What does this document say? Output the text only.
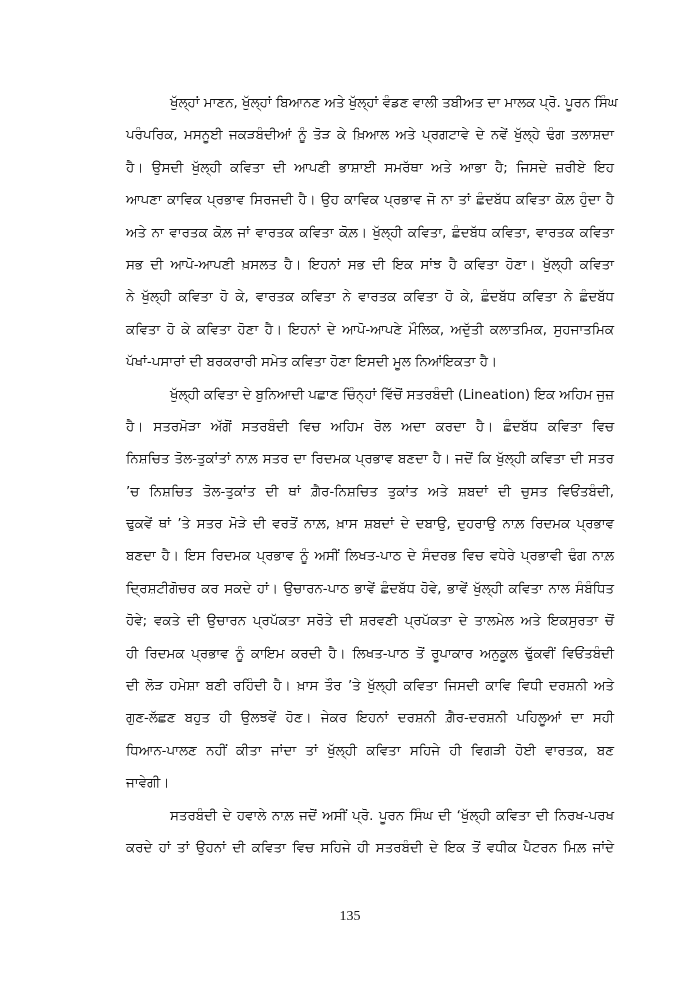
ਖੁੱਲ੍ਹਾਂ ਮਾਣਨ, ਖੁੱਲ੍ਹਾਂ ਬਿਆਨਣ ਅਤੇ ਖੁੱਲ੍ਹਾਂ ਵੰਡਣ ਵਾਲੀ ਤਬੀਅਤ ਦਾ ਮਾਲਕ ਪ੍ਰੋ. ਪੂਰਨ ਸਿੰਘ
ਪਰੰਪਰਿਕ, ਮਸਨੂਈ ਜਕੜਬੰਦੀਆਂ ਨੂੰ ਤੋੜ ਕੇ ਖ਼ਿਆਲ ਅਤੇ ਪ੍ਰਗਟਾਵੇ ਦੇ ਨਵੇਂ ਖੁੱਲ੍ਹੇ ਢੰਗ ਤਲਾਸ਼ਦਾ
ਹੈ। ਉਸਦੀ ਖੁੱਲ੍ਹੀ ਕਵਿਤਾ ਦੀ ਆਪਣੀ ਭਾਸ਼ਾਈ ਸਮਰੱਥਾ ਅਤੇ ਆਭਾ ਹੈ; ਜਿਸਦੇ ਜ਼ਰੀਏ ਇਹ
ਆਪਣਾ ਕਾਵਿਕ ਪ੍ਰਭਾਵ ਸਿਰਜਦੀ ਹੈ। ਉਹ ਕਾਵਿਕ ਪ੍ਰਭਾਵ ਜੋ ਨਾ ਤਾਂ ਛੰਦਬੱਧ ਕਵਿਤਾ ਕੋਲ਼ ਹੁੰਦਾ ਹੈ
ਅਤੇ ਨਾ ਵਾਰਤਕ ਕੋਲ਼ ਜਾਂ ਵਾਰਤਕ ਕਵਿਤਾ ਕੋਲ਼। ਖੁੱਲ੍ਹੀ ਕਵਿਤਾ, ਛੰਦਬੱਧ ਕਵਿਤਾ, ਵਾਰਤਕ ਕਵਿਤਾ
ਸਭ ਦੀ ਆਪੋ-ਆਪਣੀ ਖ਼ਸਲਤ ਹੈ। ਇਹਨਾਂ ਸਭ ਦੀ ਇਕ ਸਾਂਝ ਹੈ ਕਵਿਤਾ ਹੋਣਾ। ਖੁੱਲ੍ਹੀ ਕਵਿਤਾ
ਨੇ ਖੁੱਲ੍ਹੀ ਕਵਿਤਾ ਹੋ ਕੇ, ਵਾਰਤਕ ਕਵਿਤਾ ਨੇ ਵਾਰਤਕ ਕਵਿਤਾ ਹੋ ਕੇ, ਛੰਦਬੱਧ ਕਵਿਤਾ ਨੇ ਛੰਦਬੱਧ
ਕਵਿਤਾ ਹੋ ਕੇ ਕਵਿਤਾ ਹੋਣਾ ਹੈ। ਇਹਨਾਂ ਦੇ ਆਪੋ-ਆਪਣੇ ਮੌਲਿਕ, ਅਦੁੱਤੀ ਕਲਾਤਮਿਕ, ਸੁਹਜਾਤਮਿਕ
ਪੱਖਾਂ-ਪਸਾਰਾਂ ਦੀ ਬਰਕਰਾਰੀ ਸਮੇਤ ਕਵਿਤਾ ਹੋਣਾ ਇਸਦੀ ਮੂਲ ਨਿਆਂਇਕਤਾ ਹੈ।
ਖੁੱਲ੍ਹੀ ਕਵਿਤਾ ਦੇ ਬੁਨਿਆਦੀ ਪਛਾਣ ਚਿੰਨ੍ਹਾਂ ਵਿੱਚੋਂ ਸਤਰਬੰਦੀ (Lineation) ਇਕ ਅਹਿਮ ਜੁਜ਼
ਹੈ। ਸਤਰਮੋੜਾ ਅੱਗੋਂ ਸਤਰਬੰਦੀ ਵਿਚ ਅਹਿਮ ਰੋਲ ਅਦਾ ਕਰਦਾ ਹੈ। ਛੰਦਬੱਧ ਕਵਿਤਾ ਵਿਚ
ਨਿਸ਼ਚਿਤ ਤੋਲ-ਤੁਕਾਂਤਾਂ ਨਾਲ਼ ਸਤਰ ਦਾ ਰਿਦਮਕ ਪ੍ਰਭਾਵ ਬਣਦਾ ਹੈ। ਜਦੋਂ ਕਿ ਖੁੱਲ੍ਹੀ ਕਵਿਤਾ ਦੀ ਸਤਰ
’ਚ ਨਿਸ਼ਚਿਤ ਤੋਲ-ਤੁਕਾਂਤ ਦੀ ਥਾਂ ਗ਼ੈਰ-ਨਿਸ਼ਚਿਤ ਤੁਕਾਂਤ ਅਤੇ ਸ਼ਬਦਾਂ ਦੀ ਚੁਸਤ ਵਿਓਂਤਬੰਦੀ,
ਢੁਕਵੇਂ ਥਾਂ ’ਤੇ ਸਤਰ ਮੋੜੇ ਦੀ ਵਰਤੋਂ ਨਾਲ਼, ਖ਼ਾਸ ਸ਼ਬਦਾਂ ਦੇ ਦਬਾਉ, ਦੁਹਰਾਉ ਨਾਲ਼ ਰਿਦਮਕ ਪ੍ਰਭਾਵ
ਬਣਦਾ ਹੈ। ਇਸ ਰਿਦਮਕ ਪ੍ਰਭਾਵ ਨੂੰ ਅਸੀਂ ਲਿਖਤ-ਪਾਠ ਦੇ ਸੰਦਰਭ ਵਿਚ ਵਧੇਰੇ ਪ੍ਰਭਾਵੀ ਢੰਗ ਨਾਲ਼
ਦ੍ਰਿਸ਼ਟੀਗੋਚਰ ਕਰ ਸਕਦੇ ਹਾਂ। ਉਚਾਰਨ-ਪਾਠ ਭਾਵੇਂ ਛੰਦਬੱਧ ਹੋਵੇ, ਭਾਵੇਂ ਖੁੱਲ੍ਹੀ ਕਵਿਤਾ ਨਾਲ ਸੰਬੰਧਿਤ
ਹੋਵੇ; ਵਕਤੇ ਦੀ ਉਚਾਰਨ ਪ੍ਰਪੱਕਤਾ ਸਰੋਤੇ ਦੀ ਸ਼ਰਵਣੀ ਪ੍ਰਪੱਕਤਾ ਦੇ ਤਾਲਮੇਲ ਅਤੇ ਇਕਸੁਰਤਾ ਚੋਂ
ਹੀ ਰਿਦਮਕ ਪ੍ਰਭਾਵ ਨੂੰ ਕਾਇਮ ਕਰਦੀ ਹੈ। ਲਿਖਤ-ਪਾਠ ਤੋਂ ਰੂਪਾਕਾਰ ਅਨੁਕੂਲ ਢੁੱਕਵੀਂ ਵਿਓਂਤਬੰਦੀ
ਦੀ ਲੋੜ ਹਮੇਸ਼ਾ ਬਣੀ ਰਹਿੰਦੀ ਹੈ। ਖ਼ਾਸ ਤੌਰ ’ਤੇ ਖੁੱਲ੍ਹੀ ਕਵਿਤਾ ਜਿਸਦੀ ਕਾਵਿ ਵਿਧੀ ਦਰਸ਼ਨੀ ਅਤੇ
ਗੁਣ-ਲੱਛਣ ਬਹੁਤ ਹੀ ਉਲਝਵੇਂ ਹੋਣ। ਜੇਕਰ ਇਹਨਾਂ ਦਰਸ਼ਨੀ ਗ਼ੈਰ-ਦਰਸ਼ਨੀ ਪਹਿਲੂਆਂ ਦਾ ਸਹੀ
ਧਿਆਨ-ਪਾਲਣ ਨਹੀਂ ਕੀਤਾ ਜਾਂਦਾ ਤਾਂ ਖੁੱਲ੍ਹੀ ਕਵਿਤਾ ਸਹਿਜੇ ਹੀ ਵਿਗੜੀ ਹੋਈ ਵਾਰਤਕ, ਬਣ
ਜਾਵੇਗੀ।
ਸਤਰਬੰਦੀ ਦੇ ਹਵਾਲੇ ਨਾਲ਼ ਜਦੋਂ ਅਸੀਂ ਪ੍ਰੋ. ਪੂਰਨ ਸਿੰਘ ਦੀ ‘ਖੁੱਲ੍ਹੀ ਕਵਿਤਾ ਦੀ ਨਿਰਖ-ਪਰਖ
ਕਰਦੇ ਹਾਂ ਤਾਂ ਉਹਨਾਂ ਦੀ ਕਵਿਤਾ ਵਿਚ ਸਹਿਜੇ ਹੀ ਸਤਰਬੰਦੀ ਦੇ ਇਕ ਤੋਂ ਵਧੀਕ ਪੈਟਰਨ ਮਿਲ਼ ਜਾਂਦੇ
135
